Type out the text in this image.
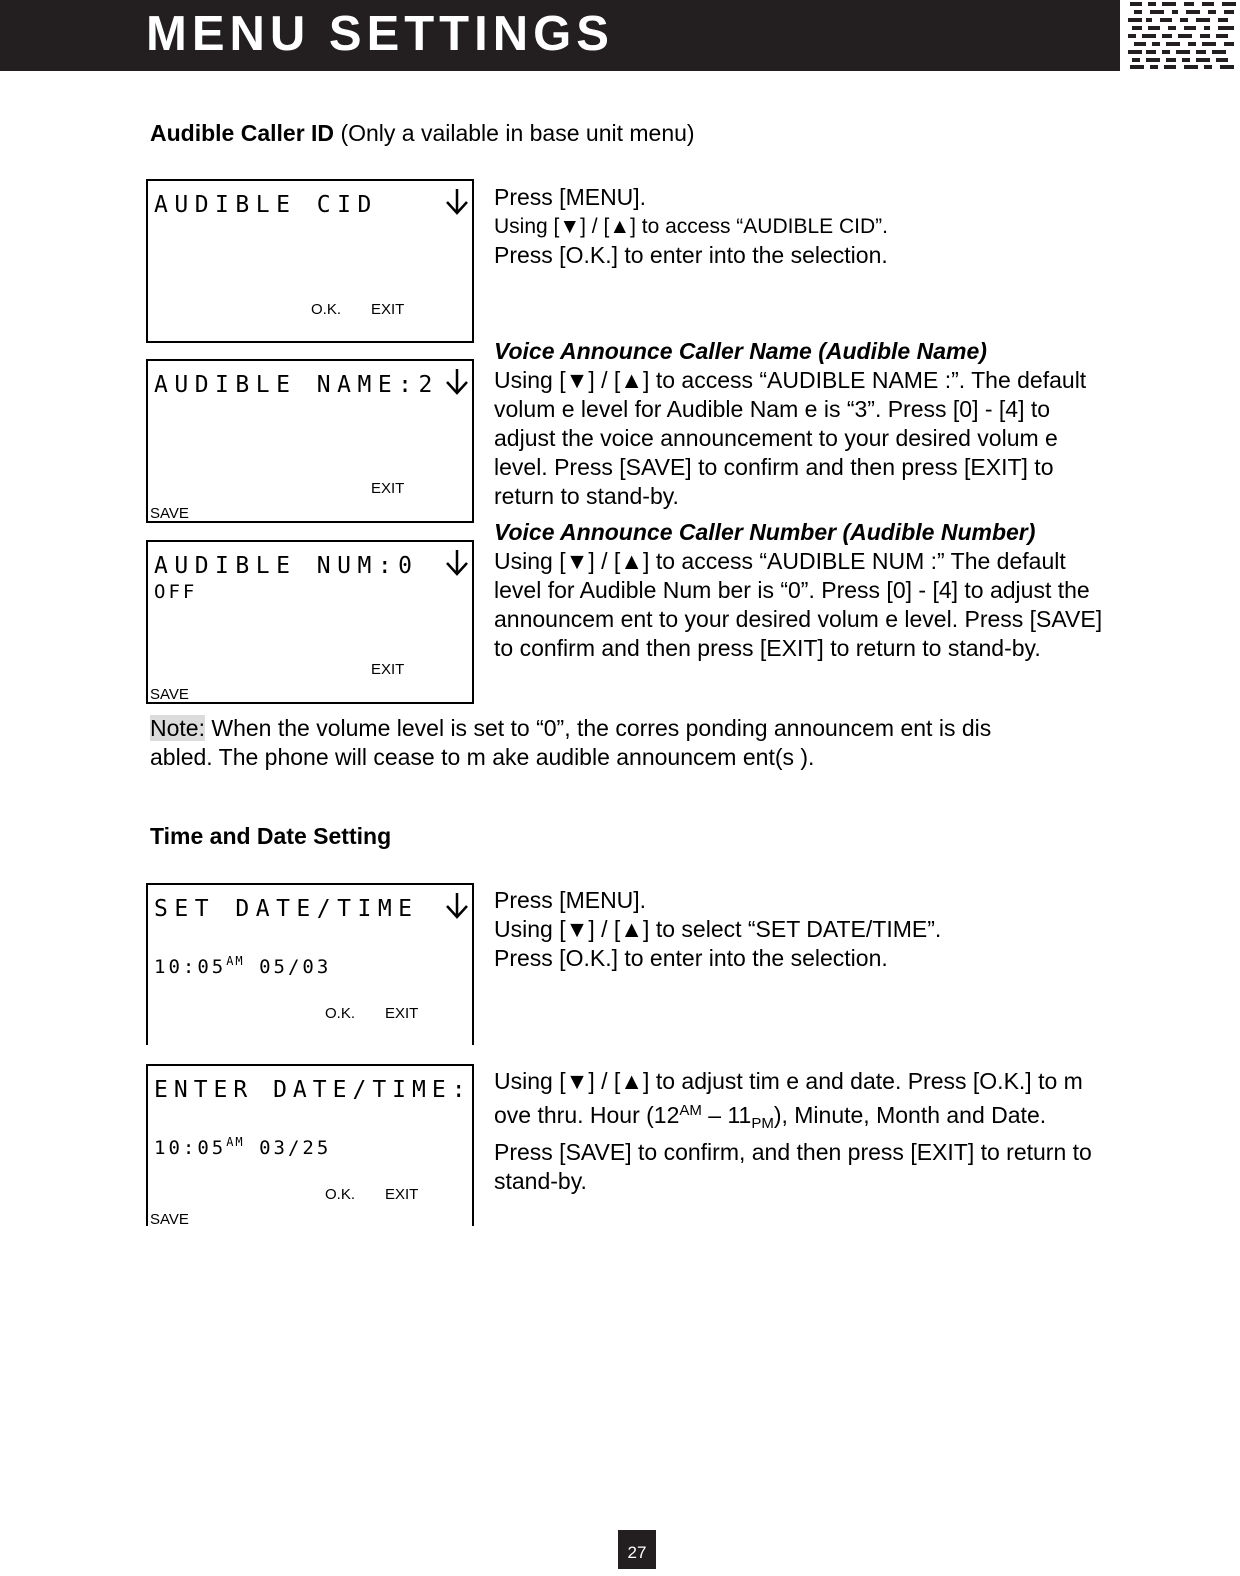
MENU SETTINGS
Audible Caller ID (Only a vailable in base unit menu)
AUDIBLE CID
O.K. EXIT
AUDIBLE NAME:2
EXIT
SAVE
AUDIBLE NUM:0
OFF
EXIT
SAVE

Press [MENU].

Using [▼] / [▲] to access “AUDIBLE CID”.

Press [O.K.] to enter into the selection.

Voice Announce Caller Name (Audible Name)

Using [▼] / [▲] to access “AUDIBLE NAME :”. The default volum e level for Audible Nam e is “3”. Press [0] - [4] to adjust the voice announcement to your desired volum e level. Press [SAVE] to confirm and then press [EXIT] to return to stand-by.

Voice Announce Caller Number (Audible Number)

Using [▼] / [▲] to access “AUDIBLE NUM :” The default level for Audible Num ber is “0”. Press [0] - [4] to adjust the announcem ent to your desired volum e level. Press [SAVE] to confirm and then press [EXIT] to return to stand-by.

Note: When the volume level is set to “0”, the corres ponding announcem ent is dis abled. The phone will cease to m ake audible announcem ent(s ).
Time and Date Setting
SET DATE/TIME
$10:05^{AM}$ 05/03
O.K. EXIT
ENTER DATE/TIME:
$10:05^{AM}$ 03/25
O.K. EXIT
SAVE

Press [MENU].

Using [▼] / [▲] to select “SET DATE/TIME”.

Press [O.K.] to enter into the selection.

Using [▼] / [▲] to adjust tim e and date. Press [O.K.] to m ove thru. Hour $(12^{AM} - 11_{PM})$, Minute, Month and Date.

Press [SAVE] to confirm, and then press [EXIT] to return to stand-by.

27
